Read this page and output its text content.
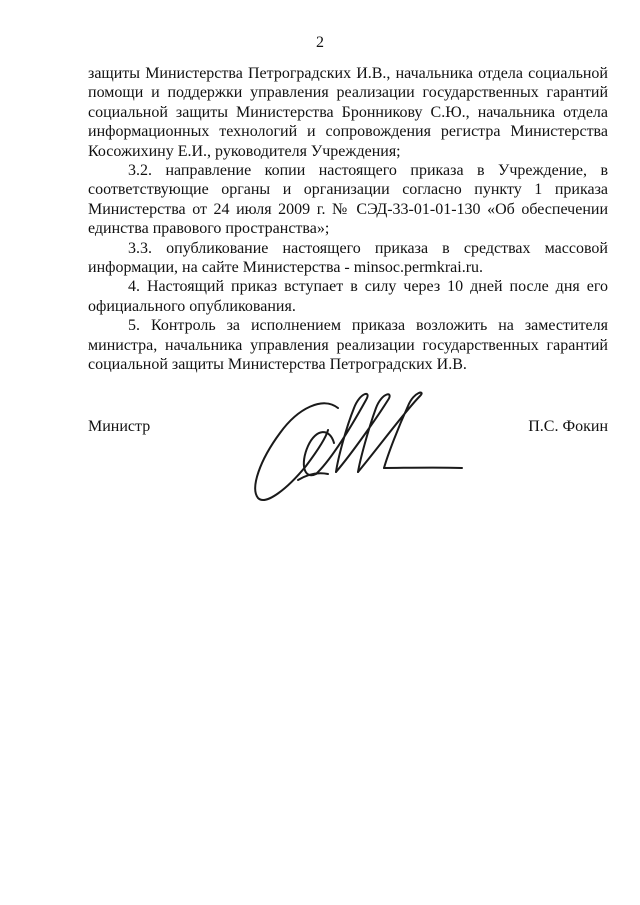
2

защиты Министерства Петроградских И.В., начальника отдела социальной помощи и поддержки управления реализации государственных гарантий социальной защиты Министерства Бронникову С.Ю., начальника отдела информационных технологий и сопровождения регистра Министерства Косожихину Е.И., руководителя Учреждения;

3.2. направление копии настоящего приказа в Учреждение, в соответствующие органы и организации согласно пункту 1 приказа Министерства от 24 июля 2009 г. № СЭД-33-01-01-130 «Об обеспечении единства правового пространства»;

3.3. опубликование настоящего приказа в средствах массовой информации, на сайте Министерства - minsoc.permkrai.ru.

4. Настоящий приказ вступает в силу через 10 дней после дня его официального опубликования.

5. Контроль за исполнением приказа возложить на заместителя министра, начальника управления реализации государственных гарантий социальной защиты Министерства Петроградских И.В.

Министр	П.С. Фокин
